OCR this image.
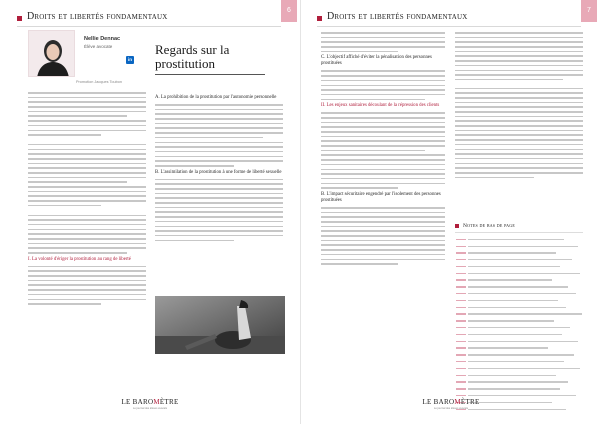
Droits et libertés fondamentaux
6
Nellie Dennac
Élève avocate
in
Promotion Jacques Toubon
Regards sur la
prostitution
I. La volonté d'ériger la prostitution au rang de liberté
A. La prohibition de la prostitution par l'autonomie personnelle
B. L'assimilation de la prostitution à une forme de liberté sexuelle
LE BAROMÈTRE
Le journal des élèves avocats
Droits et libertés fondamentaux
7
C. L'objectif affiché d'éviter la pénalisation des personnes prostituées
II. Les enjeux sanitaires découlant de la répression des clients
B. L'impact sécuritaire engendré par l'isolement des personnes prostituées
Notes de bas de page
LE BAROMÈTRE
Le journal des élèves avocats
